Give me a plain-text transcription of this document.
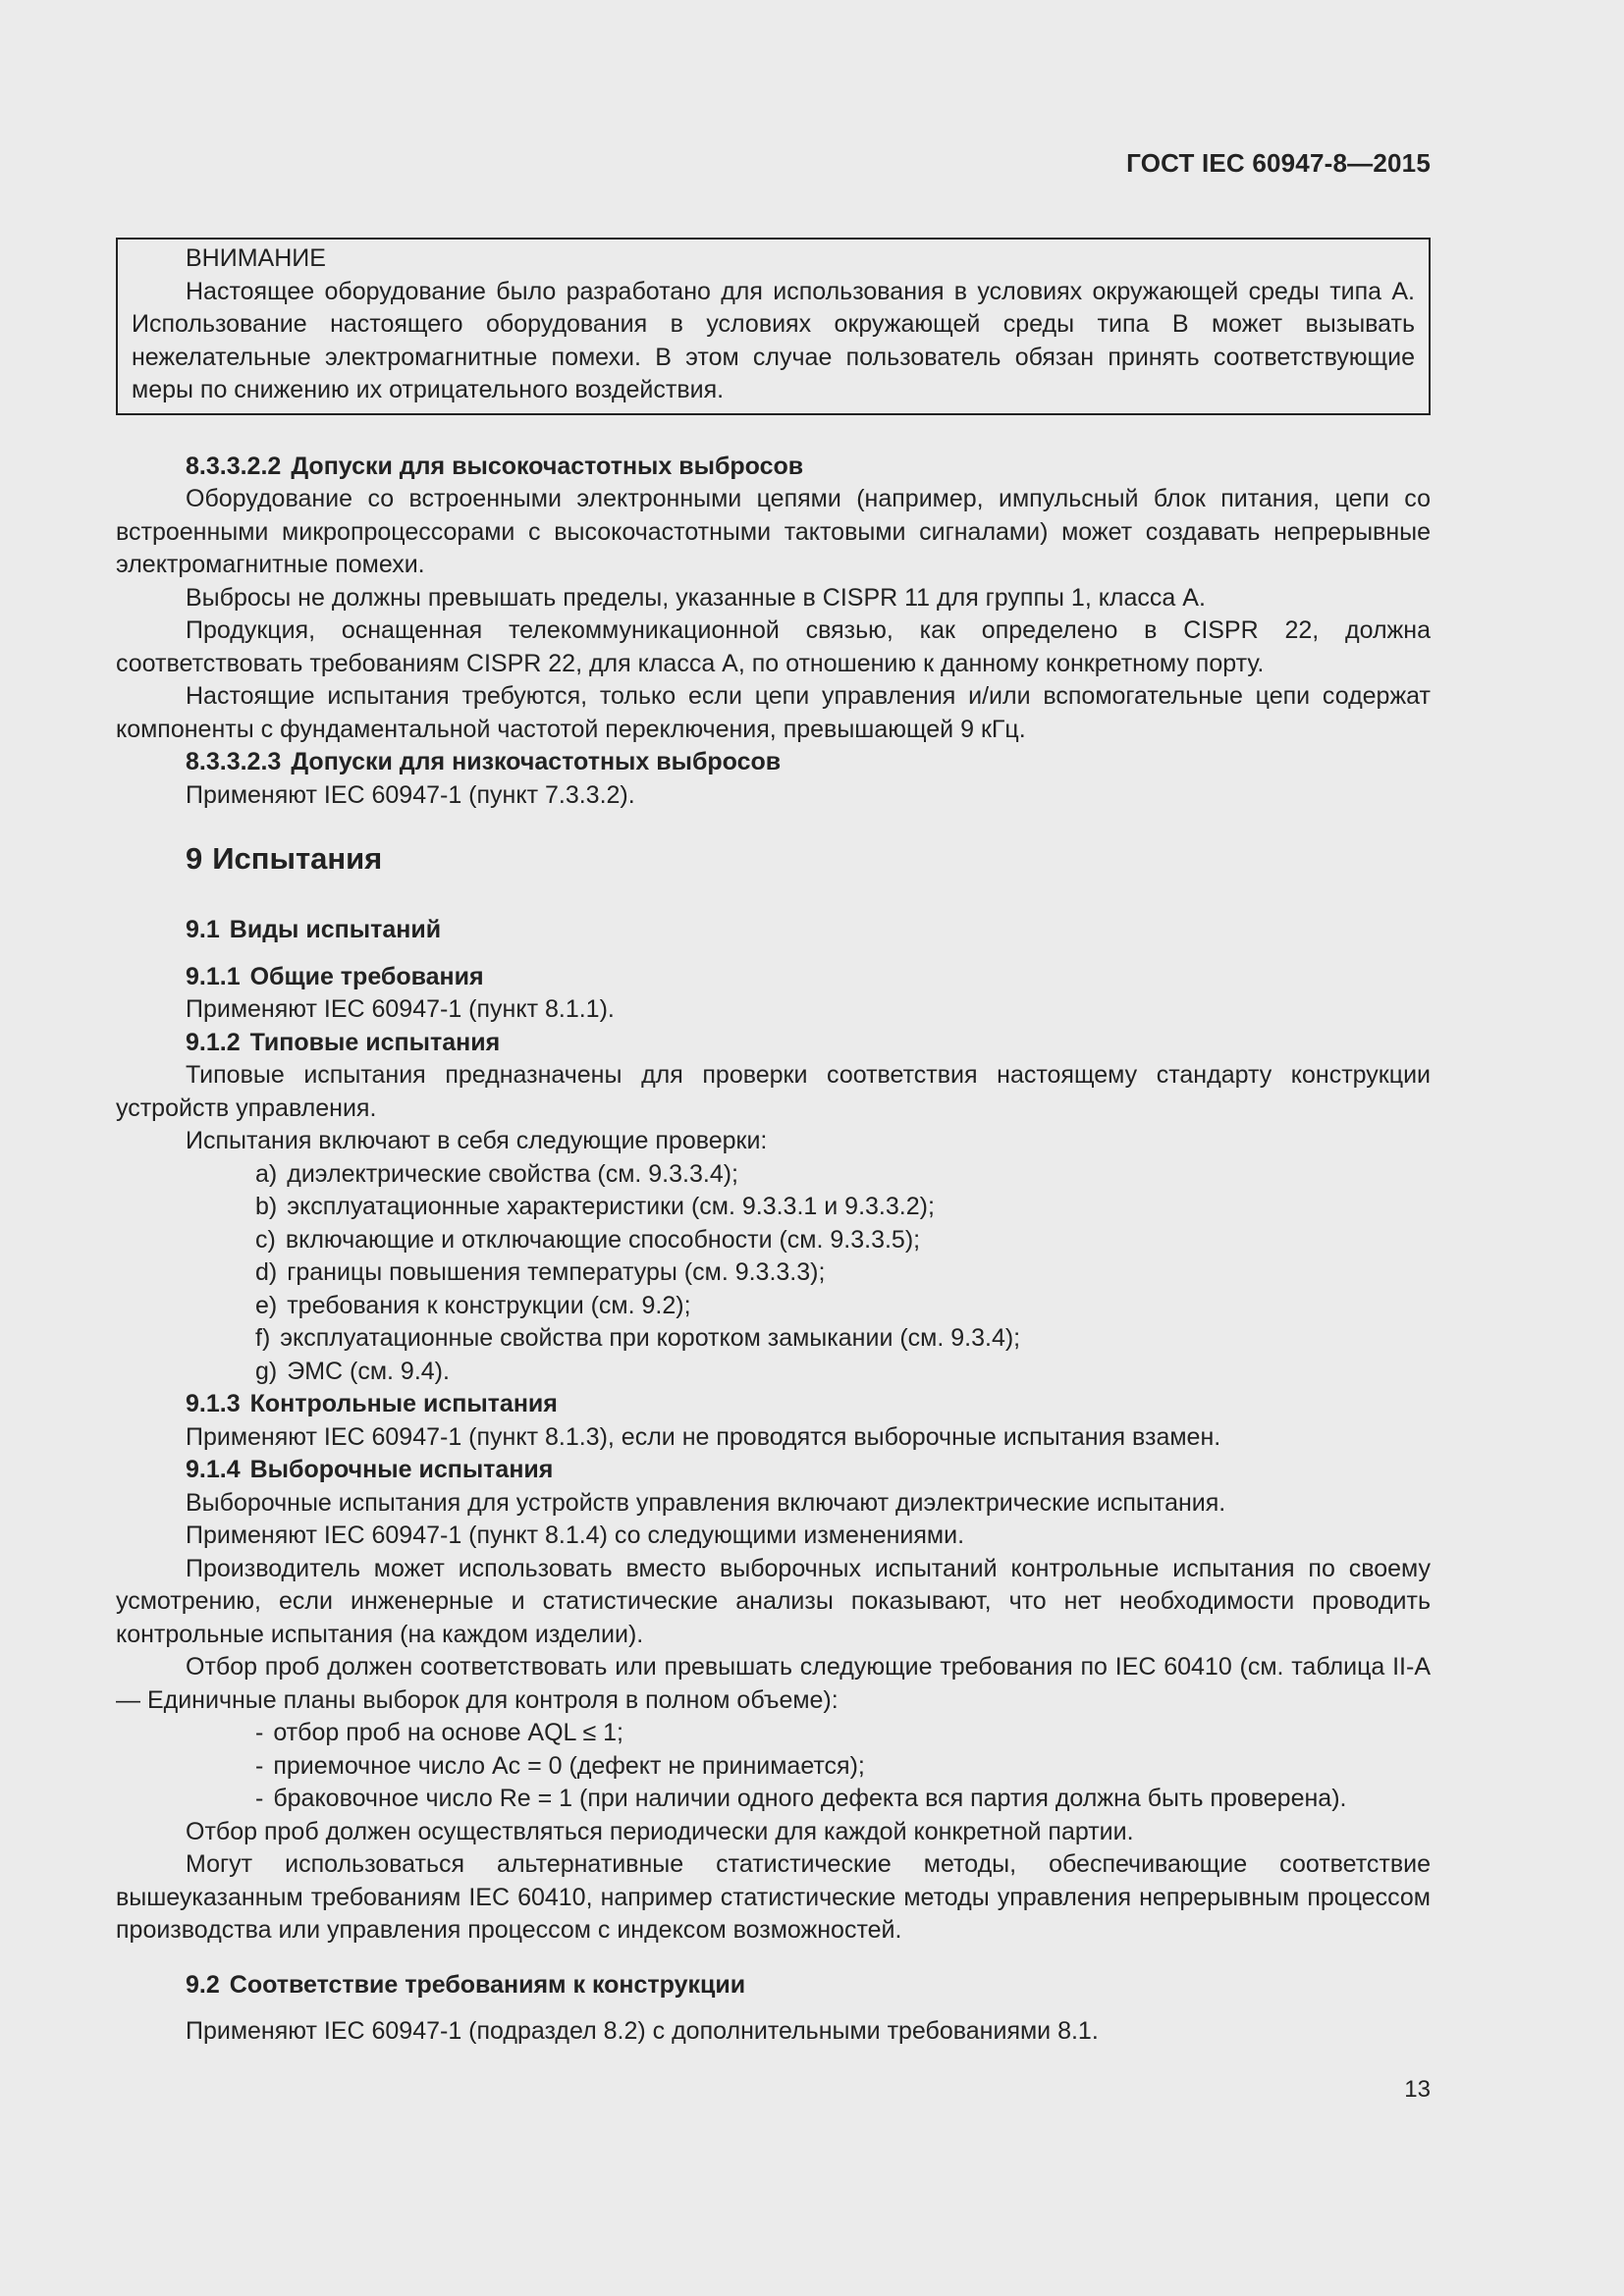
ГОСТ IEC 60947-8—2015

ВНИМАНИЕ

Настоящее оборудование было разработано для использования в условиях окружающей среды типа А. Использование настоящего оборудования в условиях окружающей среды типа В может вызывать нежелательные электромагнитные помехи. В этом случае пользователь обязан принять соответствующие меры по снижению их отрицательного воздействия.

8.3.3.2.2 Допуски для высокочастотных выбросов

Оборудование со встроенными электронными цепями (например, импульсный блок питания, цепи со встроенными микропроцессорами с высокочастотными тактовыми сигналами) может создавать непрерывные электромагнитные помехи.

Выбросы не должны превышать пределы, указанные в CISPR 11 для группы 1, класса А.

Продукция, оснащенная телекоммуникационной связью, как определено в CISPR 22, должна соответствовать требованиям CISPR 22, для класса А, по отношению к данному конкретному порту.

Настоящие испытания требуются, только если цепи управления и/или вспомогательные цепи содержат компоненты с фундаментальной частотой переключения, превышающей 9 кГц.

8.3.3.2.3 Допуски для низкочастотных выбросов

Применяют IEC 60947-1 (пункт 7.3.3.2).

9 Испытания
9.1 Виды испытаний
9.1.1 Общие требования

Применяют IEC 60947-1 (пункт 8.1.1).

9.1.2 Типовые испытания

Типовые испытания предназначены для проверки соответствия настоящему стандарту конструкции устройств управления.

Испытания включают в себя следующие проверки:

a) диэлектрические свойства (см. 9.3.3.4);
b) эксплуатационные характеристики (см. 9.3.3.1 и 9.3.3.2);
c) включающие и отключающие способности (см. 9.3.3.5);
d) границы повышения температуры (см. 9.3.3.3);
e) требования к конструкции (см. 9.2);
f) эксплуатационные свойства при коротком замыкании (см. 9.3.4);
g) ЭМС (см. 9.4).
9.1.3 Контрольные испытания

Применяют IEC 60947-1 (пункт 8.1.3), если не проводятся выборочные испытания взамен.

9.1.4 Выборочные испытания

Выборочные испытания для устройств управления включают диэлектрические испытания.

Применяют IEC 60947-1 (пункт 8.1.4) со следующими изменениями.

Производитель может использовать вместо выборочных испытаний контрольные испытания по своему усмотрению, если инженерные и статистические анализы показывают, что нет необходимости проводить контрольные испытания (на каждом изделии).

Отбор проб должен соответствовать или превышать следующие требования по IEC 60410 (см. таблица II-А — Единичные планы выборок для контроля в полном объеме):

- отбор проб на основе AQL ≤ 1;
- приемочное число Ac = 0 (дефект не принимается);
- браковочное число Re = 1 (при наличии одного дефекта вся партия должна быть проверена).

Отбор проб должен осуществляться периодически для каждой конкретной партии.

Могут использоваться альтернативные статистические методы, обеспечивающие соответствие вышеуказанным требованиям IEC 60410, например статистические методы управления непрерывным процессом производства или управления процессом с индексом возможностей.

9.2 Соответствие требованиям к конструкции

Применяют IEC 60947-1 (подраздел 8.2) с дополнительными требованиями 8.1.

13
